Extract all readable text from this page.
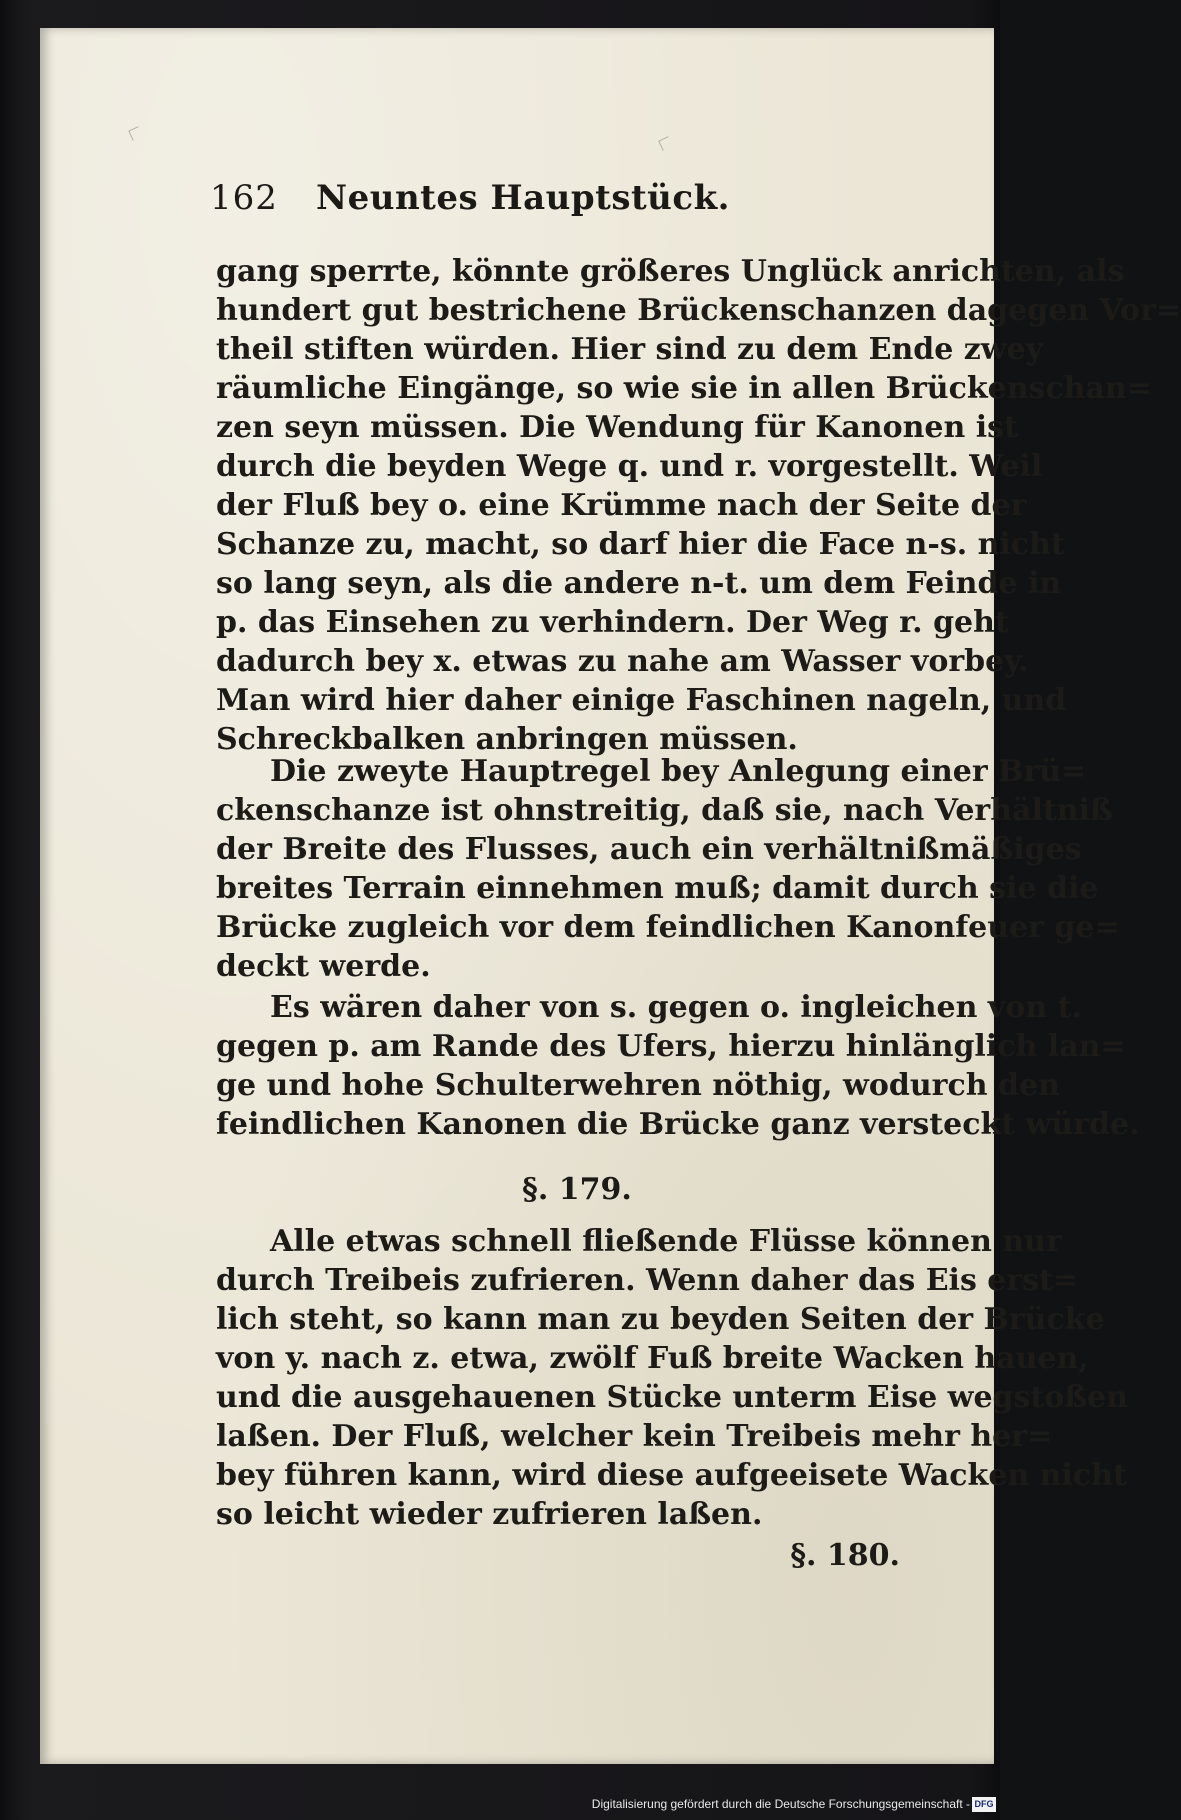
162 Neuntes Hauptstück.
gang sperrte, könnte größeres Unglück anrichten, als
hundert gut bestrichene Brückenschanzen dagegen Vor=
theil stiften würden. Hier sind zu dem Ende zwey
räumliche Eingänge, so wie sie in allen Brückenschan=
zen seyn müssen. Die Wendung für Kanonen ist
durch die beyden Wege q. und r. vorgestellt. Weil
der Fluß bey o. eine Krümme nach der Seite der
Schanze zu, macht, so darf hier die Face n-s. nicht
so lang seyn, als die andere n-t. um dem Feinde in
p. das Einsehen zu verhindern. Der Weg r. geht
dadurch bey x. etwas zu nahe am Wasser vorbey.
Man wird hier daher einige Faschinen nageln, und
Schreckbalken anbringen müssen.
Die zweyte Hauptregel bey Anlegung einer Brü=
ckenschanze ist ohnstreitig, daß sie, nach Verhältniß
der Breite des Flusses, auch ein verhältnißmäßiges
breites Terrain einnehmen muß; damit durch sie die
Brücke zugleich vor dem feindlichen Kanonfeuer ge=
deckt werde.
Es wären daher von s. gegen o. ingleichen von t.
gegen p. am Rande des Ufers, hierzu hinlänglich lan=
ge und hohe Schulterwehren nöthig, wodurch den
feindlichen Kanonen die Brücke ganz versteckt würde.
§. 179.
Alle etwas schnell fließende Flüsse können nur
durch Treibeis zufrieren. Wenn daher das Eis erst=
lich steht, so kann man zu beyden Seiten der Brücke
von y. nach z. etwa, zwölf Fuß breite Wacken hauen,
und die ausgehauenen Stücke unterm Eise wegstoßen
laßen. Der Fluß, welcher kein Treibeis mehr her=
bey führen kann, wird diese aufgeeisete Wacken nicht
so leicht wieder zufrieren laßen.
§. 180.
Digitalisierung gefördert durch die Deutsche Forschungsgemeinschaft - DFG
